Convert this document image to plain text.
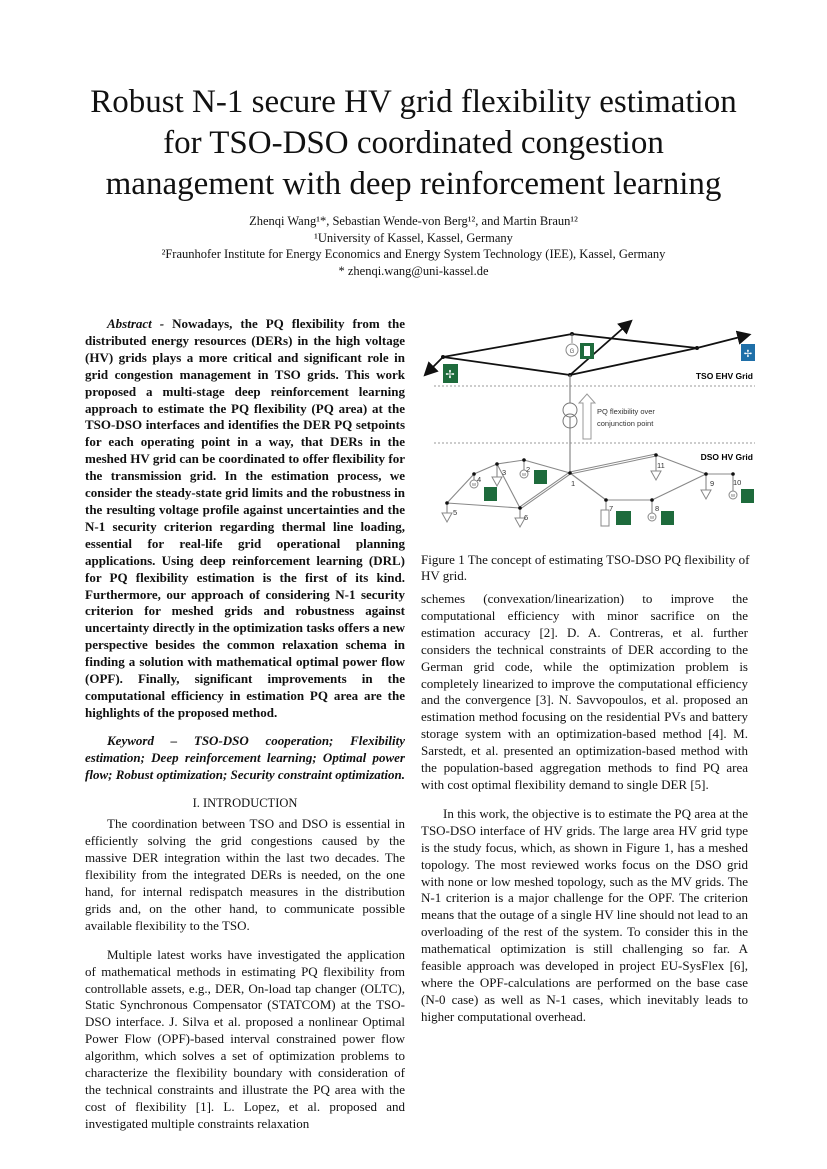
Robust N-1 secure HV grid flexibility estimation
for TSO-DSO coordinated congestion
management with deep reinforcement learning
Zhenqi Wang¹*, Sebastian Wende-von Berg¹², and Martin Braun¹²
¹University of Kassel, Kassel, Germany
²Fraunhofer Institute for Energy Economics and Energy System Technology (IEE), Kassel, Germany
* zhenqi.wang@uni-kassel.de

Abstract - Nowadays, the PQ flexibility from the distributed energy resources (DERs) in the high voltage (HV) grids plays a more critical and significant role in grid congestion management in TSO grids. This work proposed a multi-stage deep reinforcement learning approach to estimate the PQ flexibility (PQ area) at the TSO-DSO interfaces and identifies the DER PQ setpoints for each operating point in a way, that DERs in the meshed HV grid can be coordinated to offer flexibility for the transmission grid. In the estimation process, we consider the steady-state grid limits and the robustness in the resulting voltage profile against uncertainties and the N-1 security criterion regarding thermal line loading, essential for real-life grid operational planning applications. Using deep reinforcement learning (DRL) for PQ flexibility estimation is the first of its kind. Furthermore, our approach of considering N-1 security criterion for meshed grids and robustness against uncertainty directly in the optimization tasks offers a new perspective besides the common relaxation schema in finding a solution with mathematical optimal power flow (OPF). Finally, significant improvements in the computational efficiency in estimation PQ area are the highlights of the proposed method.

Keyword – TSO-DSO cooperation; Flexibility estimation; Deep reinforcement learning; Optimal power flow; Robust optimization; Security constraint optimization.

I. INTRODUCTION

The coordination between TSO and DSO is essential in efficiently solving the grid congestions caused by the massive DER integration within the last two decades. The flexibility from the integrated DERs is needed, on the one hand, for internal redispatch measures in the distribution grids and, on the other hand, to communicate possible available flexibility to the TSO.

Multiple latest works have investigated the application of mathematical methods in estimating PQ flexibility from controllable assets, e.g., DER, On-load tap changer (OLTC), Static Synchronous Compensator (STATCOM) at the TSO-DSO interface. J. Silva et al. proposed a nonlinear Optimal Power Flow (OPF)-based interval constrained power flow algorithm, which solves a set of optimization problems to characterize the flexibility boundary with consideration of the technical constraints and illustrate the PQ area with the cost of flexibility [1]. L. Lopez, et al. proposed and investigated multiple constraints relaxation

✢
G	✢
TSO EHV Grid
PQ flexibility over
conjunction point
DSO HV Grid
W
W
W
W
1
2
3
4
5
6
7	8
9	10
11
Figure 1 The concept of estimating TSO-DSO PQ flexibility of HV grid.

schemes (convexation/linearization) to improve the computational efficiency with minor sacrifice on the estimation accuracy [2]. D. A. Contreras, et al. further considers the technical constraints of DER according to the German grid code, while the optimization problem is completely linearized to improve the computational efficiency and the convergence [3]. N. Savvopoulos, et al. proposed an estimation method focusing on the residential PVs and battery storage system with an optimization-based method [4]. M. Sarstedt, et al. presented an optimization-based method with the population-based aggregation methods to find PQ area with cost optimal flexibility demand to single DER [5].

In this work, the objective is to estimate the PQ area at the TSO-DSO interface of HV grids. The large area HV grid type is the study focus, which, as shown in Figure 1, has a meshed topology. The most reviewed works focus on the DSO grid with none or low meshed topology, such as the MV grids. The N-1 criterion is a major challenge for the OPF. The criterion means that the outage of a single HV line should not lead to an overloading of the rest of the system. To consider this in the mathematical optimization is still challenging so far. A feasible approach was developed in project EU-SysFlex [6], where the OPF-calculations are performed on the base case (N-0 case) as well as N-1 cases, which inevitably leads to higher computational overhead.
